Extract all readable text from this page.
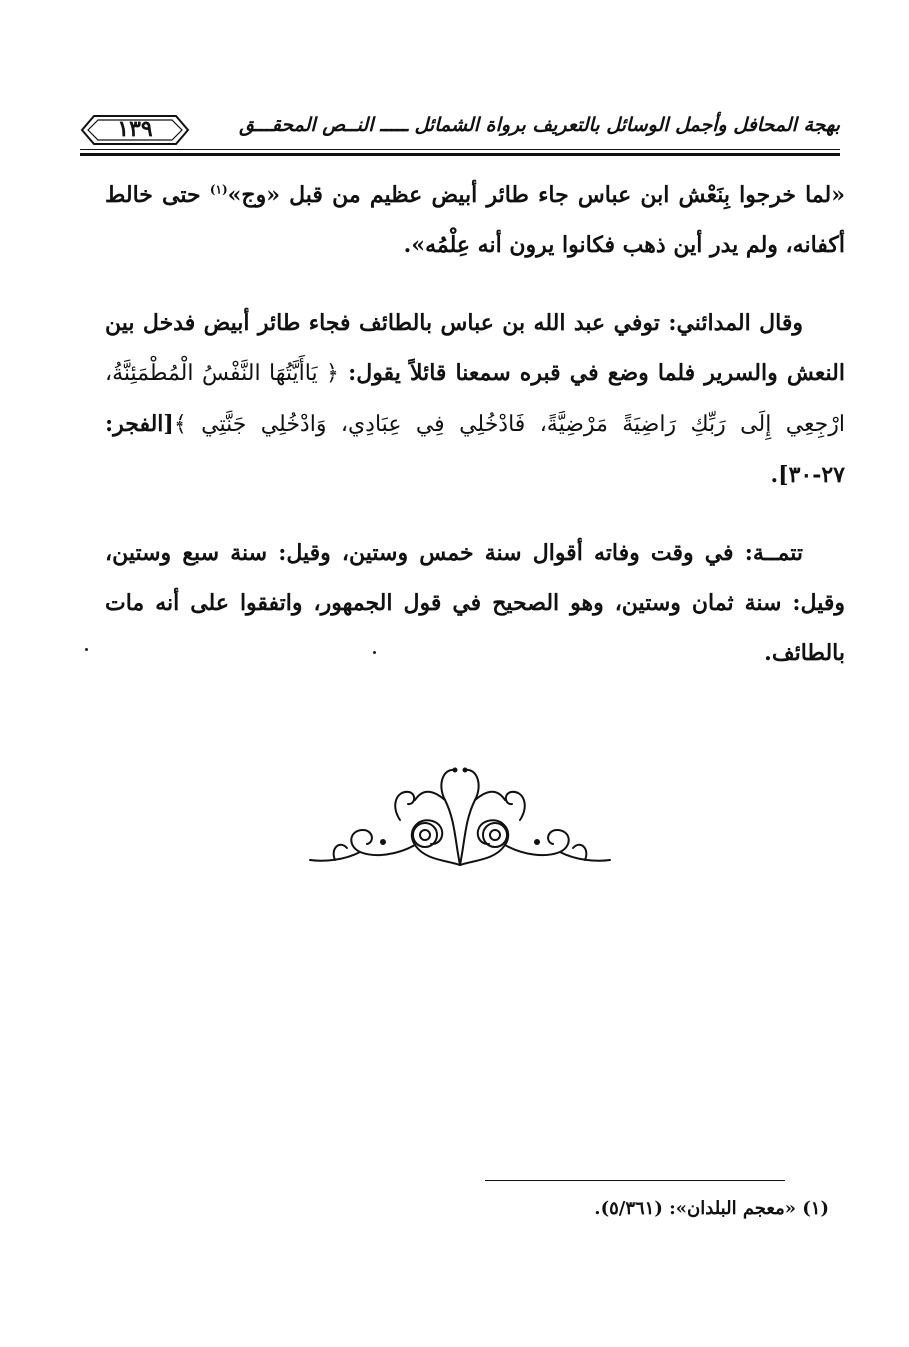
١٣٩	بهجة المحافل وأجمل الوسائل بالتعريف برواة الشمائل ـــــ النــص المحقـــق

«لما خرجوا بِنَعْش ابن عباس جاء طائر أبيض عظيم من قبل «وج»$^{(١)}$ حتى خالط أكفانه، ولم يدر أين ذهب فكانوا يرون أنه عِلْمُه».

وقال المدائني: توفي عبد الله بن عباس بالطائف فجاء طائر أبيض فدخل بين النعش والسرير فلما وضع في قبره سمعنا قائلاً يقول: ﴿ يَاأَيَّتُهَا النَّفْسُ الْمُطْمَئِنَّةُ، ارْجِعِي إِلَى رَبِّكِ رَاضِيَةً مَرْضِيَّةً، فَادْخُلِي فِي عِبَادِي، وَادْخُلِي جَنَّتِي ﴾[الفجر: ٢٧-٣٠].

تتمــة: في وقت وفاته أقوال سنة خمس وستين، وقيل: سنة سبع وستين، وقيل: سنة ثمان وستين، وهو الصحيح في قول الجمهور، واتفقوا على أنه مات بالطائف.

(١) «معجم البلدان»: (٥/٣٦١).
